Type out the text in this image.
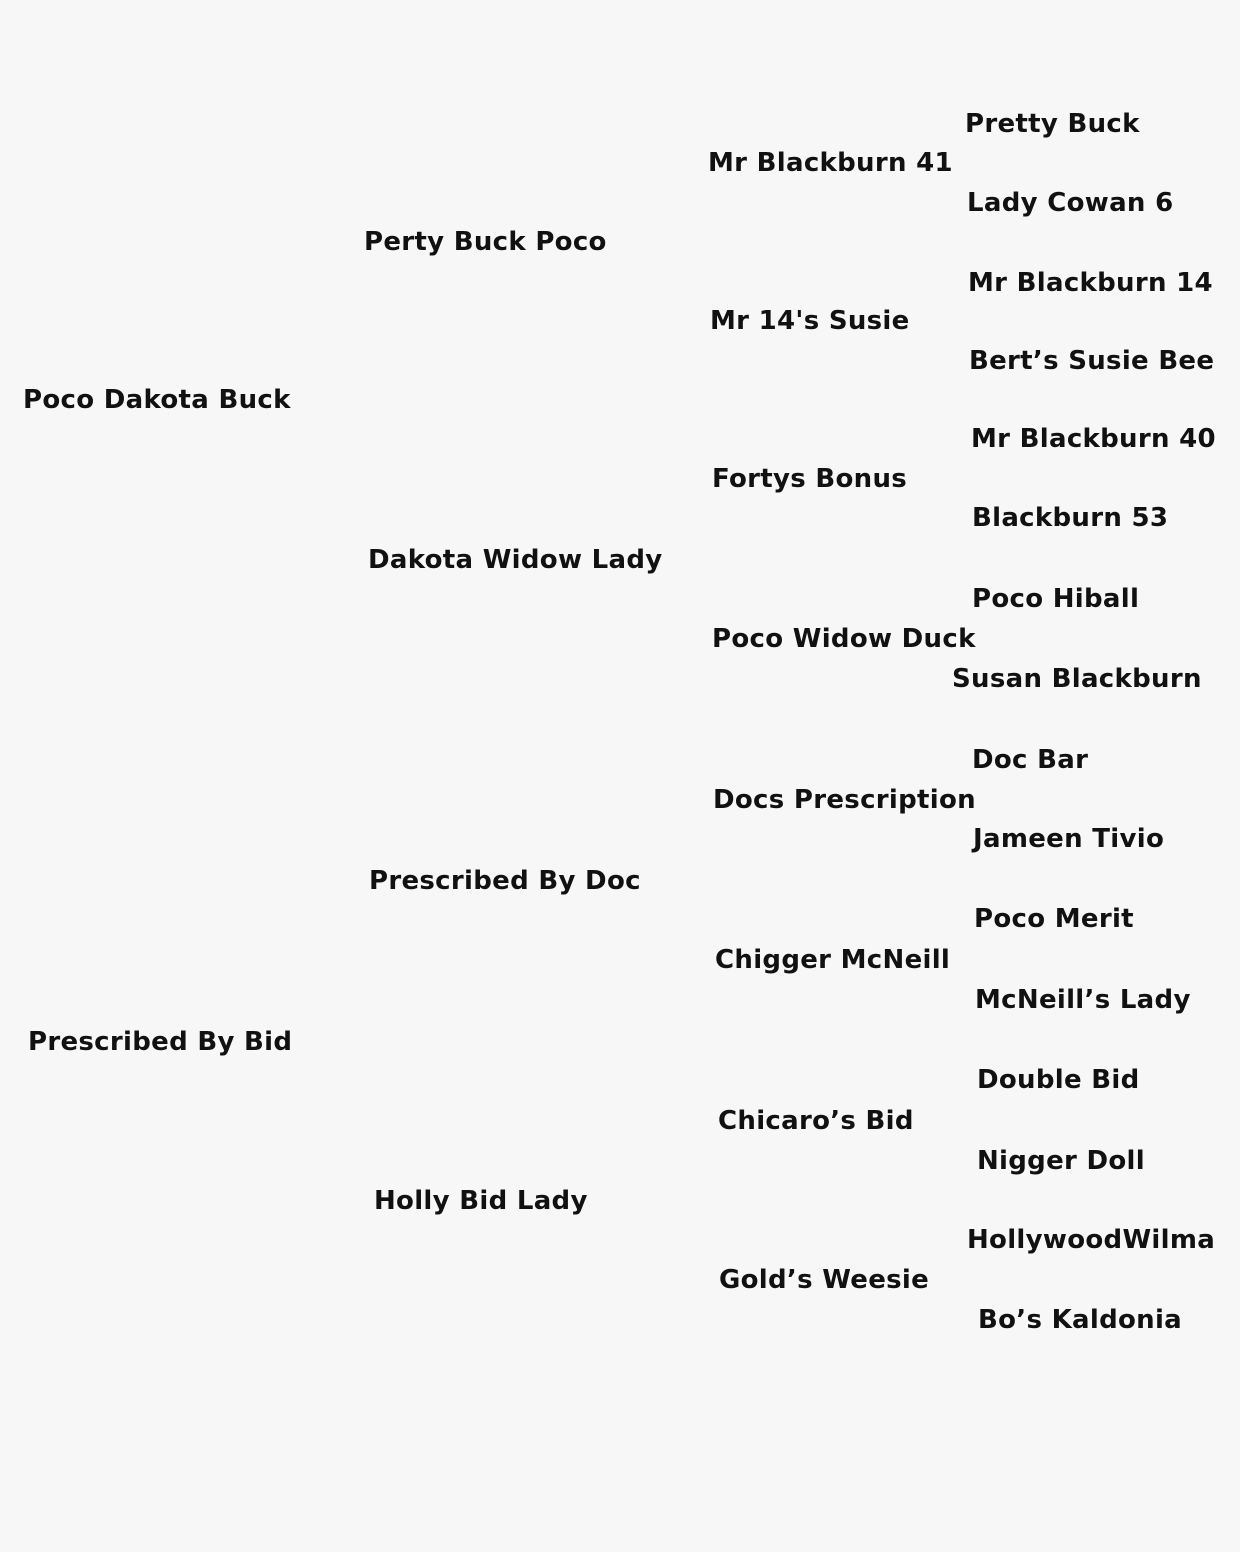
Poco Dakota Buck
Prescribed By Bid
Perty Buck Poco
Dakota Widow Lady
Prescribed By Doc
Holly Bid Lady
Mr Blackburn 41
Mr 14's Susie
Fortys Bonus
Poco Widow Duck
Docs Prescription
Chigger McNeill
Chicaro’s Bid
Gold’s Weesie
Pretty Buck
Lady Cowan 6
Mr Blackburn 14
Bert’s Susie Bee
Mr Blackburn 40
Blackburn 53
Poco Hiball
Susan Blackburn
Doc Bar
Jameen Tivio
Poco Merit
McNeill’s Lady
Double Bid
Nigger Doll
HollywoodWilma
Bo’s Kaldonia
